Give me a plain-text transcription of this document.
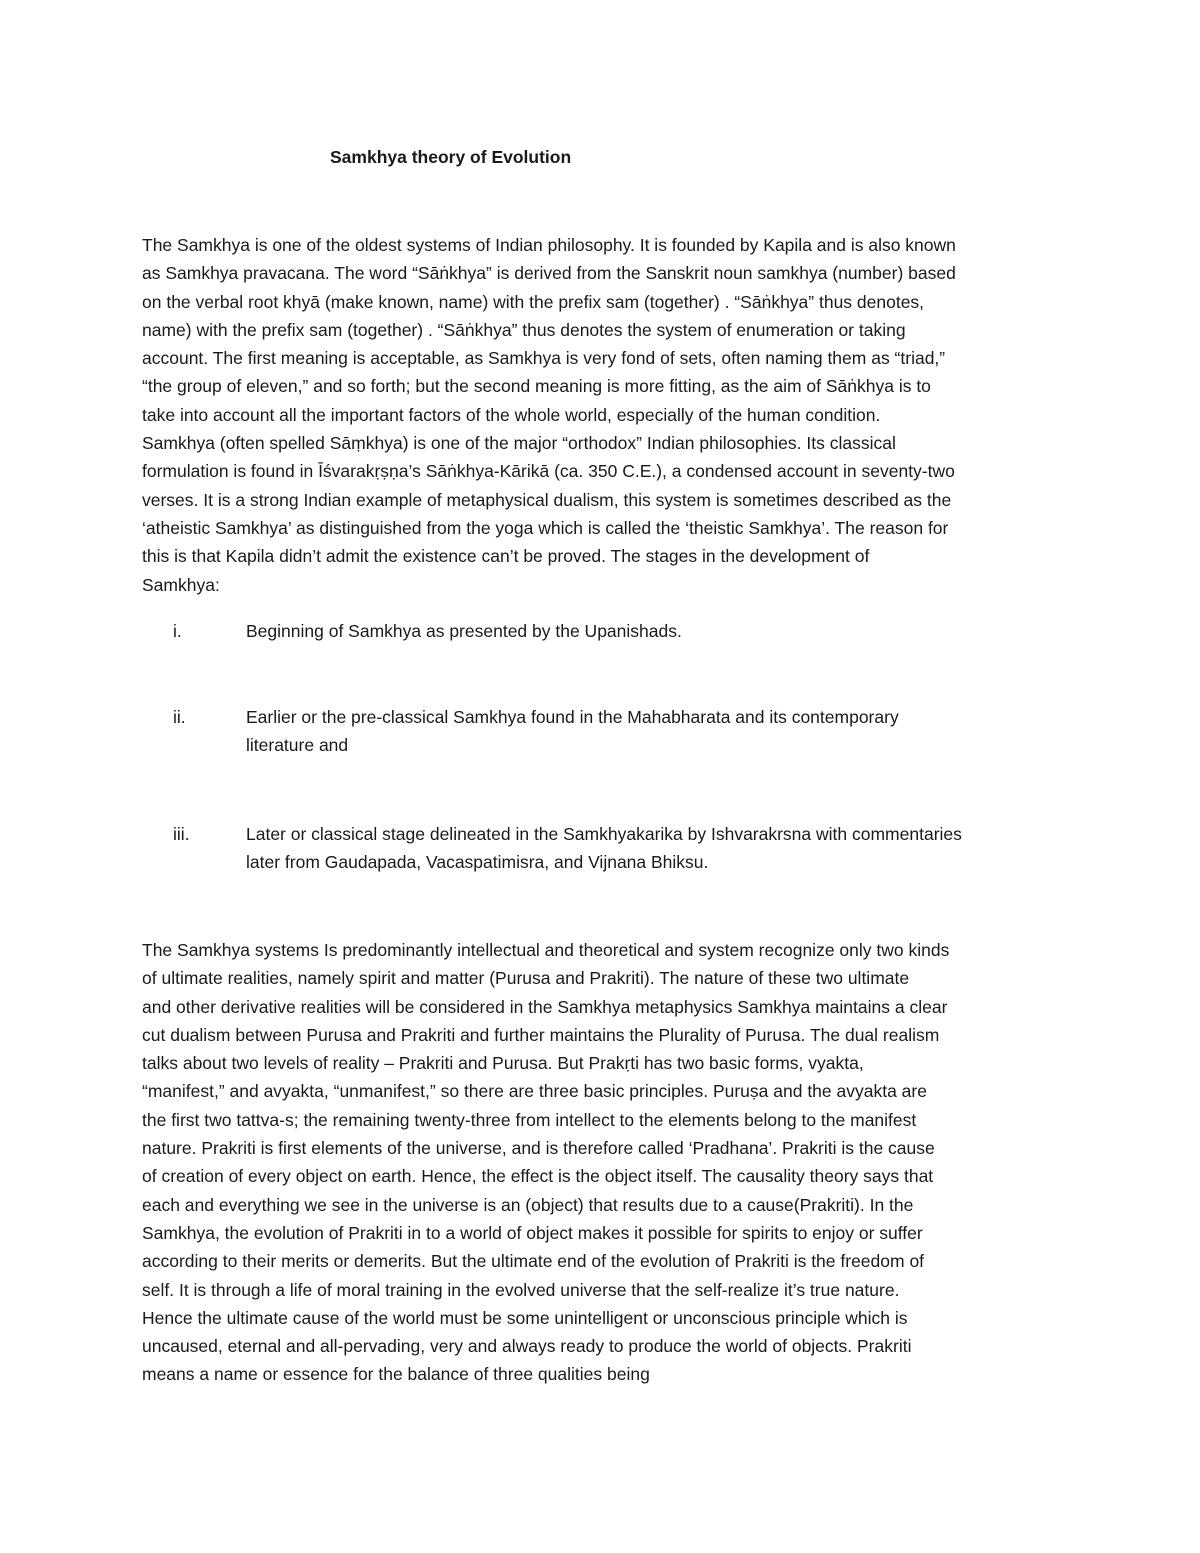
Samkhya theory of Evolution

The Samkhya is one of the oldest systems of Indian philosophy. It is founded by Kapila and is also known
as Samkhya pravacana. The word “Sāṅkhya” is derived from the Sanskrit noun samkhya (number) based
on the verbal root khyā (make known, name) with the prefix sam (together) . “Sāṅkhya” thus denotes,
name) with the prefix sam (together) . “Sāṅkhya” thus denotes the system of enumeration or taking
account. The first meaning is acceptable, as Samkhya is very fond of sets, often naming them as “triad,”
“the group of eleven,” and so forth; but the second meaning is more fitting, as the aim of Sāṅkhya is to
take into account all the important factors of the whole world, especially of the human condition.
Samkhya (often spelled Sāṃkhya) is one of the major “orthodox” Indian philosophies. Its classical
formulation is found in Īśvarakṛṣṇa’s Sāṅkhya-Kārikā (ca. 350 C.E.), a condensed account in seventy-two
verses. It is a strong Indian example of metaphysical dualism, this system is sometimes described as the
‘atheistic Samkhya’ as distinguished from the yoga which is called the ‘theistic Samkhya’. The reason for
this is that Kapila didn’t admit the existence can’t be proved. The stages in the development of
Samkhya:

i.	Beginning of Samkhya as presented by the Upanishads.
ii.	Earlier or the pre-classical Samkhya found in the Mahabharata and its contemporary
literature and
iii.	Later or classical stage delineated in the Samkhyakarika by Ishvarakrsna with commentaries
later from Gaudapada, Vacaspatimisra, and Vijnana Bhiksu.

The Samkhya systems Is predominantly intellectual and theoretical and system recognize only two kinds
of ultimate realities, namely spirit and matter (Purusa and Prakriti). The nature of these two ultimate
and other derivative realities will be considered in the Samkhya metaphysics Samkhya maintains a clear
cut dualism between Purusa and Prakriti and further maintains the Plurality of Purusa. The dual realism
talks about two levels of reality – Prakriti and Purusa. But Prakṛti has two basic forms, vyakta,
“manifest,” and avyakta, “unmanifest,” so there are three basic principles. Puruṣa and the avyakta are
the first two tattva-s; the remaining twenty-three from intellect to the elements belong to the manifest
nature. Prakriti is first elements of the universe, and is therefore called ‘Pradhana’. Prakriti is the cause
of creation of every object on earth. Hence, the effect is the object itself. The causality theory says that
each and everything we see in the universe is an (object) that results due to a cause(Prakriti). In the
Samkhya, the evolution of Prakriti in to a world of object makes it possible for spirits to enjoy or suffer
according to their merits or demerits. But the ultimate end of the evolution of Prakriti is the freedom of
self. It is through a life of moral training in the evolved universe that the self-realize it’s true nature.
Hence the ultimate cause of the world must be some unintelligent or unconscious principle which is
uncaused, eternal and all-pervading, very and always ready to produce the world of objects. Prakriti
means a name or essence for the balance of three qualities being
